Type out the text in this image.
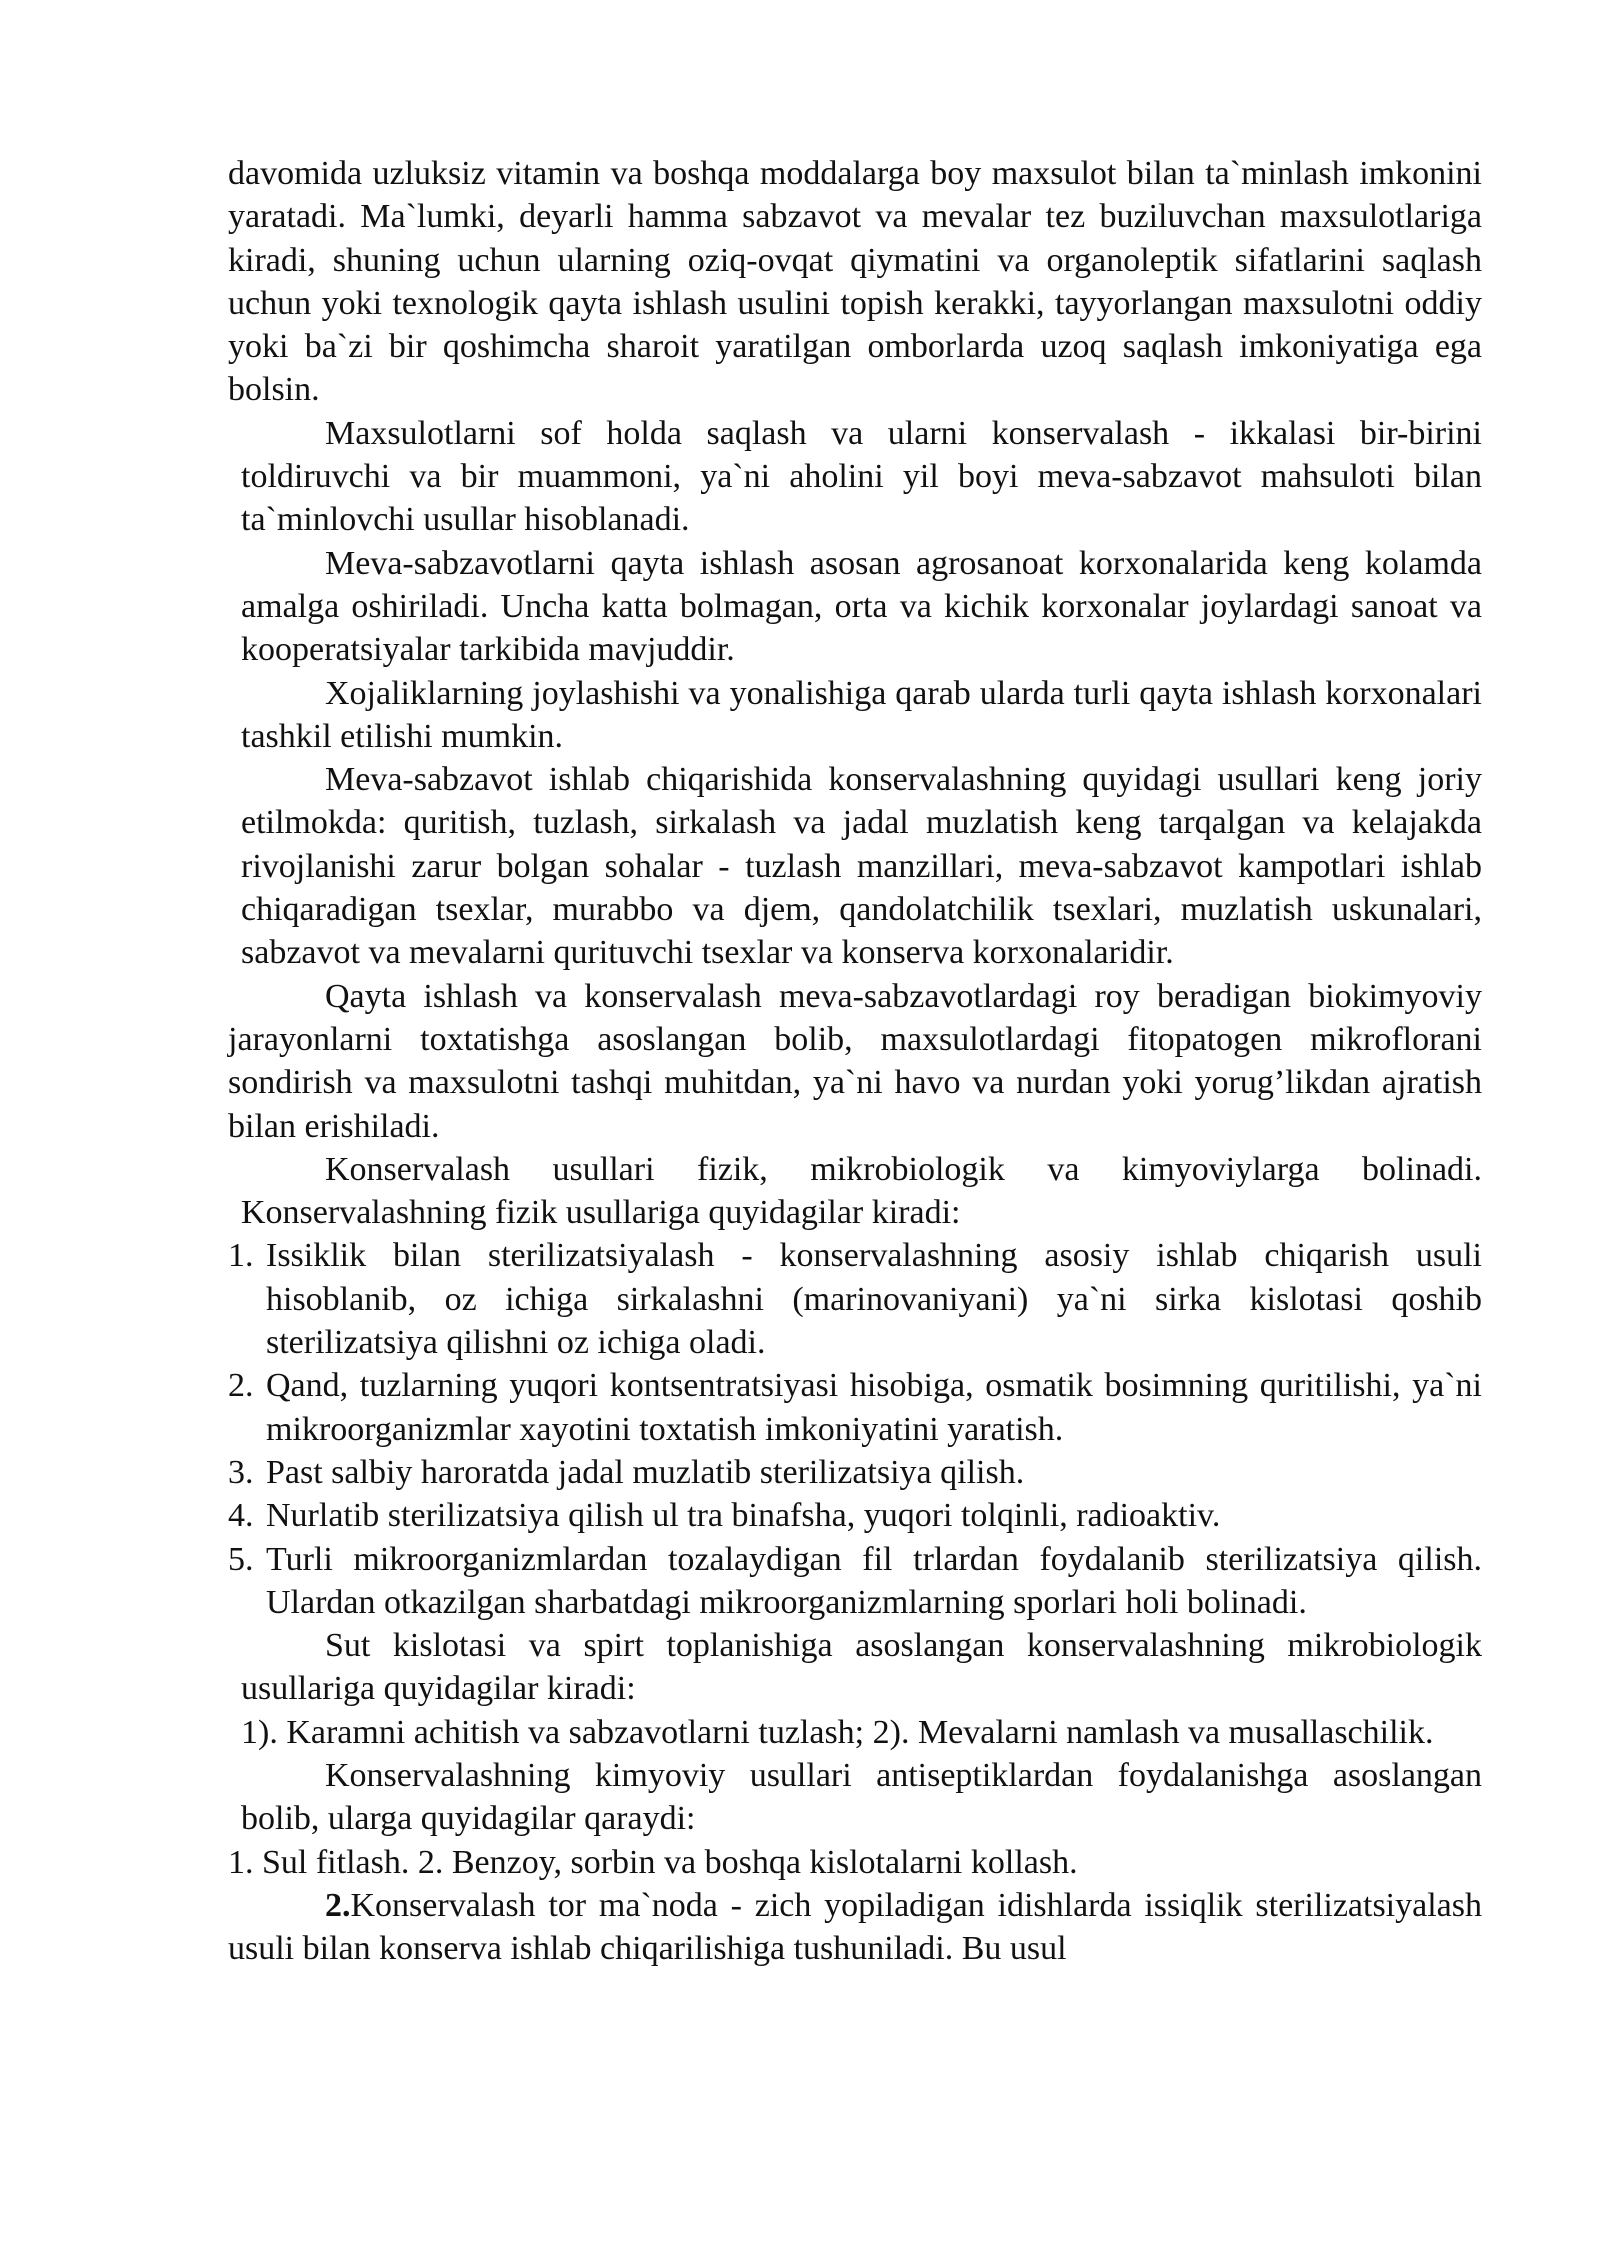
davomida uzluksiz vitamin va boshqa moddalarga boy maxsulot bilan ta`minlash imkonini yaratadi. Ma`lumki, deyarli hamma sabzavot va mevalar tez buziluvchan maxsulotlariga kiradi, shuning uchun ularning oziq-ovqat qiymatini va organoleptik sifatlarini saqlash uchun yoki texnologik qayta ishlash usulini topish kerakki, tayyorlangan maxsulotni oddiy yoki ba`zi bir qoshimcha sharoit yaratilgan omborlarda uzoq saqlash imkoniyatiga ega bolsin.

Maxsulotlarni sof holda saqlash va ularni konservalash - ikkalasi bir-birini toldiruvchi va bir muammoni, ya`ni aholini yil boyi meva-sabzavot mahsuloti bilan ta`minlovchi usullar hisoblanadi.

Meva-sabzavotlarni qayta ishlash asosan agrosanoat korxonalarida keng kolamda amalga oshiriladi. Uncha katta bolmagan, orta va kichik korxonalar joylardagi sanoat va kooperatsiyalar tarkibida mavjuddir.

Xojaliklarning joylashishi va yonalishiga qarab ularda turli qayta ishlash korxonalari tashkil etilishi mumkin.

Meva-sabzavot ishlab chiqarishida konservalashning quyidagi usullari keng joriy etilmokda: quritish, tuzlash, sirkalash va jadal muzlatish keng tarqalgan va kelajakda rivojlanishi zarur bolgan sohalar - tuzlash manzillari, meva-sabzavot kampotlari ishlab chiqaradigan tsexlar, murabbo va djem, qandolatchilik tsexlari, muzlatish uskunalari, sabzavot va mevalarni qurituvchi tsexlar va konserva korxonalaridir.

Qayta ishlash va konservalash meva-sabzavotlardagi roy beradigan biokimyoviy jarayonlarni toxtatishga asoslangan bolib, maxsulotlardagi fitopatogen mikroflorani sondirish va maxsulotni tashqi muhitdan, ya`ni havo va nurdan yoki yorug’likdan ajratish bilan erishiladi.

Konservalash usullari fizik, mikrobiologik va kimyoviylarga bolinadi. Konservalashning fizik usullariga quyidagilar kiradi:

1. Issiklik bilan sterilizatsiyalash - konservalashning asosiy ishlab chiqarish usuli hisoblanib, oz ichiga sirkalashni (marinovaniyani) ya`ni sirka kislotasi qoshib sterilizatsiya qilishni oz ichiga oladi.
2. Qand, tuzlarning yuqori kontsentratsiyasi hisobiga, osmatik bosimning quritilishi, ya`ni mikroorganizmlar xayotini toxtatish imkoniyatini yaratish.
3. Past salbiy haroratda jadal muzlatib sterilizatsiya qilish.
4. Nurlatib sterilizatsiya qilish ul tra binafsha, yuqori tolqinli, radioaktiv.
5. Turli mikroorganizmlardan tozalaydigan fil trlardan foydalanib sterilizatsiya qilish. Ulardan otkazilgan sharbatdagi mikroorganizmlarning sporlari holi bolinadi.

Sut kislotasi va spirt toplanishiga asoslangan konservalashning mikrobiologik usullariga quyidagilar kiradi:

1). Karamni achitish va sabzavotlarni tuzlash; 2). Mevalarni namlash va musallaschilik.

Konservalashning kimyoviy usullari antiseptiklardan foydalanishga asoslangan bolib, ularga quyidagilar qaraydi:

1. Sul fitlash. 2. Benzoy, sorbin va boshqa kislotalarni kollash.

2.Konservalash tor ma`noda - zich yopiladigan idishlarda issiqlik sterilizatsiyalash usuli bilan konserva ishlab chiqarilishiga tushuniladi. Bu usul
